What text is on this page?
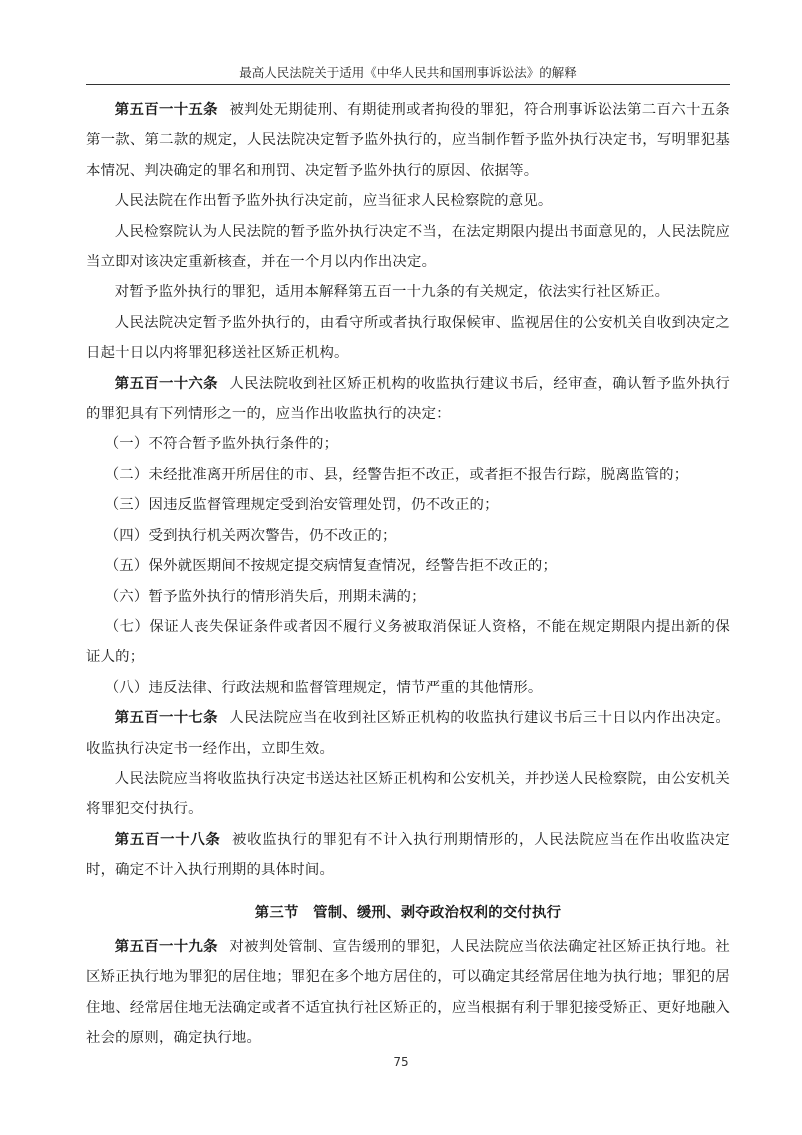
最高人民法院关于适用《中华人民共和国刑事诉讼法》的解释

第五百一十五条 被判处无期徒刑、有期徒刑或者拘役的罪犯，符合刑事诉讼法第二百六十五条第一款、第二款的规定，人民法院决定暂予监外执行的，应当制作暂予监外执行决定书，写明罪犯基本情况、判决确定的罪名和刑罚、决定暂予监外执行的原因、依据等。

人民法院在作出暂予监外执行决定前，应当征求人民检察院的意见。

人民检察院认为人民法院的暂予监外执行决定不当，在法定期限内提出书面意见的，人民法院应当立即对该决定重新核查，并在一个月以内作出决定。

对暂予监外执行的罪犯，适用本解释第五百一十九条的有关规定，依法实行社区矫正。

人民法院决定暂予监外执行的，由看守所或者执行取保候审、监视居住的公安机关自收到决定之日起十日以内将罪犯移送社区矫正机构。

第五百一十六条 人民法院收到社区矫正机构的收监执行建议书后，经审查，确认暂予监外执行的罪犯具有下列情形之一的，应当作出收监执行的决定：

（一）不符合暂予监外执行条件的；

（二）未经批准离开所居住的市、县，经警告拒不改正，或者拒不报告行踪，脱离监管的；

（三）因违反监督管理规定受到治安管理处罚，仍不改正的；

（四）受到执行机关两次警告，仍不改正的；

（五）保外就医期间不按规定提交病情复查情况，经警告拒不改正的；

（六）暂予监外执行的情形消失后，刑期未满的；

（七）保证人丧失保证条件或者因不履行义务被取消保证人资格，不能在规定期限内提出新的保证人的；

（八）违反法律、行政法规和监督管理规定，情节严重的其他情形。

第五百一十七条 人民法院应当在收到社区矫正机构的收监执行建议书后三十日以内作出决定。收监执行决定书一经作出，立即生效。

人民法院应当将收监执行决定书送达社区矫正机构和公安机关，并抄送人民检察院，由公安机关将罪犯交付执行。

第五百一十八条 被收监执行的罪犯有不计入执行刑期情形的，人民法院应当在作出收监决定时，确定不计入执行刑期的具体时间。

第三节　管制、缓刑、剥夺政治权利的交付执行

第五百一十九条 对被判处管制、宣告缓刑的罪犯，人民法院应当依法确定社区矫正执行地。社区矫正执行地为罪犯的居住地；罪犯在多个地方居住的，可以确定其经常居住地为执行地；罪犯的居住地、经常居住地无法确定或者不适宜执行社区矫正的，应当根据有利于罪犯接受矫正、更好地融入社会的原则，确定执行地。

75
